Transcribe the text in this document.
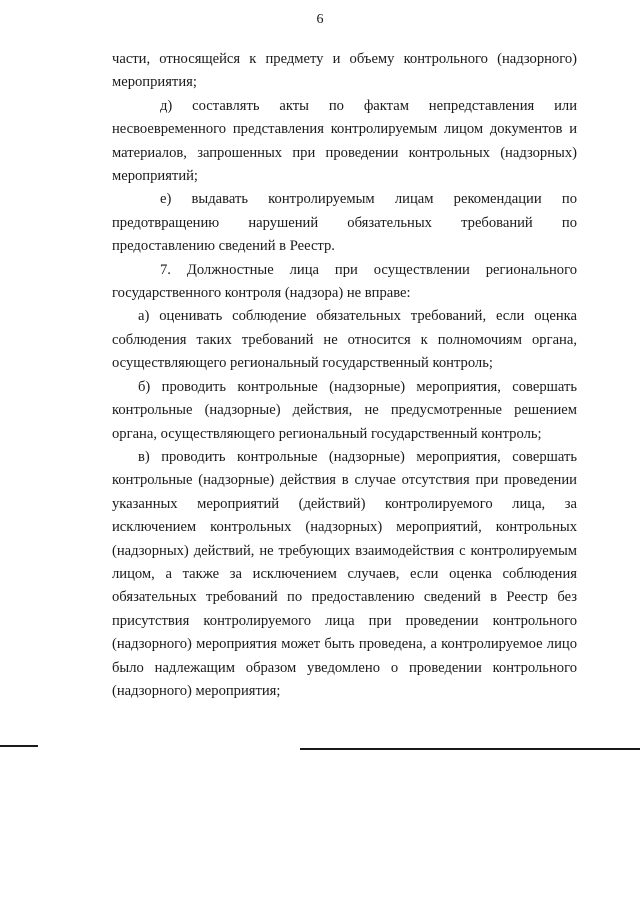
6

части, относящейся к предмету и объему контрольного (надзорного) мероприятия;

д) составлять акты по фактам непредставления или несвоевременного представления контролируемым лицом документов и материалов, запрошенных при проведении контрольных (надзорных) мероприятий;

е) выдавать контролируемым лицам рекомендации по предотвращению нарушений обязательных требований по предоставлению сведений в Реестр.

7. Должностные лица при осуществлении регионального государственного контроля (надзора) не вправе:

а) оценивать соблюдение обязательных требований, если оценка соблюдения таких требований не относится к полномочиям органа, осуществляющего региональный государственный контроль;

б) проводить контрольные (надзорные) мероприятия, совершать контрольные (надзорные) действия, не предусмотренные решением органа, осуществляющего региональный государственный контроль;

в) проводить контрольные (надзорные) мероприятия, совершать контрольные (надзорные) действия в случае отсутствия при проведении указанных мероприятий (действий) контролируемого лица, за исключением контрольных (надзорных) мероприятий, контрольных (надзорных) действий, не требующих взаимодействия с контролируемым лицом, а также за исключением случаев, если оценка соблюдения обязательных требований по предоставлению сведений в Реестр без присутствия контролируемого лица при проведении контрольного (надзорного) мероприятия может быть проведена, а контролируемое лицо было надлежащим образом уведомлено о проведении контрольного (надзорного) мероприятия;
